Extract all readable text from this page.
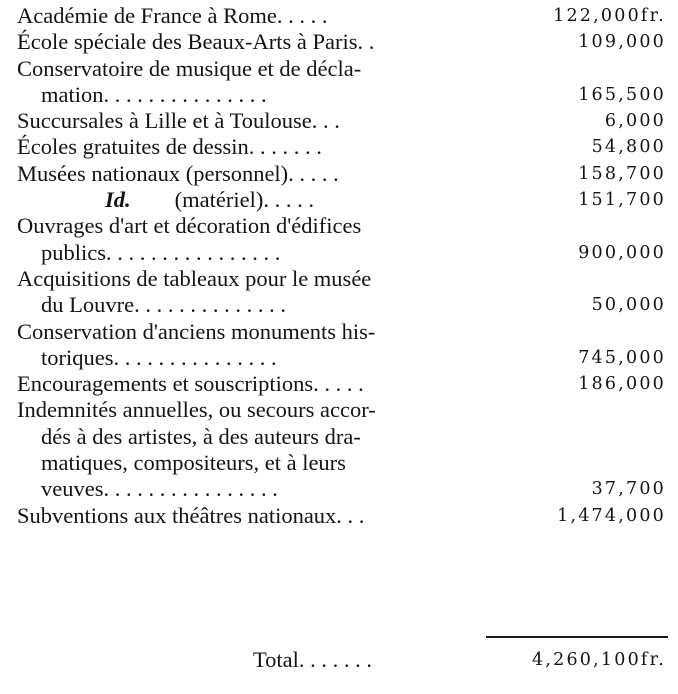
Académie de France à Rome. . . . .	122,000fr.
École spéciale des Beaux-Arts à Paris. .	109,000
Conservatoire de musique et de décla-
mation. . . . . . . . . . . . . . .	165,500
Succursales à Lille et à Toulouse. . .	6,000
Écoles gratuites de dessin. . . . . . .	54,800
Musées nationaux (personnel). . . . .	158,700
Id. (matériel). . . . .	151,700
Ouvrages d'art et décoration d'édifices
publics. . . . . . . . . . . . . . . .	900,000
Acquisitions de tableaux pour le musée
du Louvre. . . . . . . . . . . . . .	50,000
Conservation d'anciens monuments his-
toriques. . . . . . . . . . . . . . .	745,000
Encouragements et souscriptions. . . . .	186,000
Indemnités annuelles, ou secours accor-
dés à des artistes, à des auteurs dra-
matiques, compositeurs, et à leurs
veuves. . . . . . . . . . . . . . . .	37,700
Subventions aux théâtres nationaux. . .	1,474,000
Total. . . . . . .	4,260,100fr.
